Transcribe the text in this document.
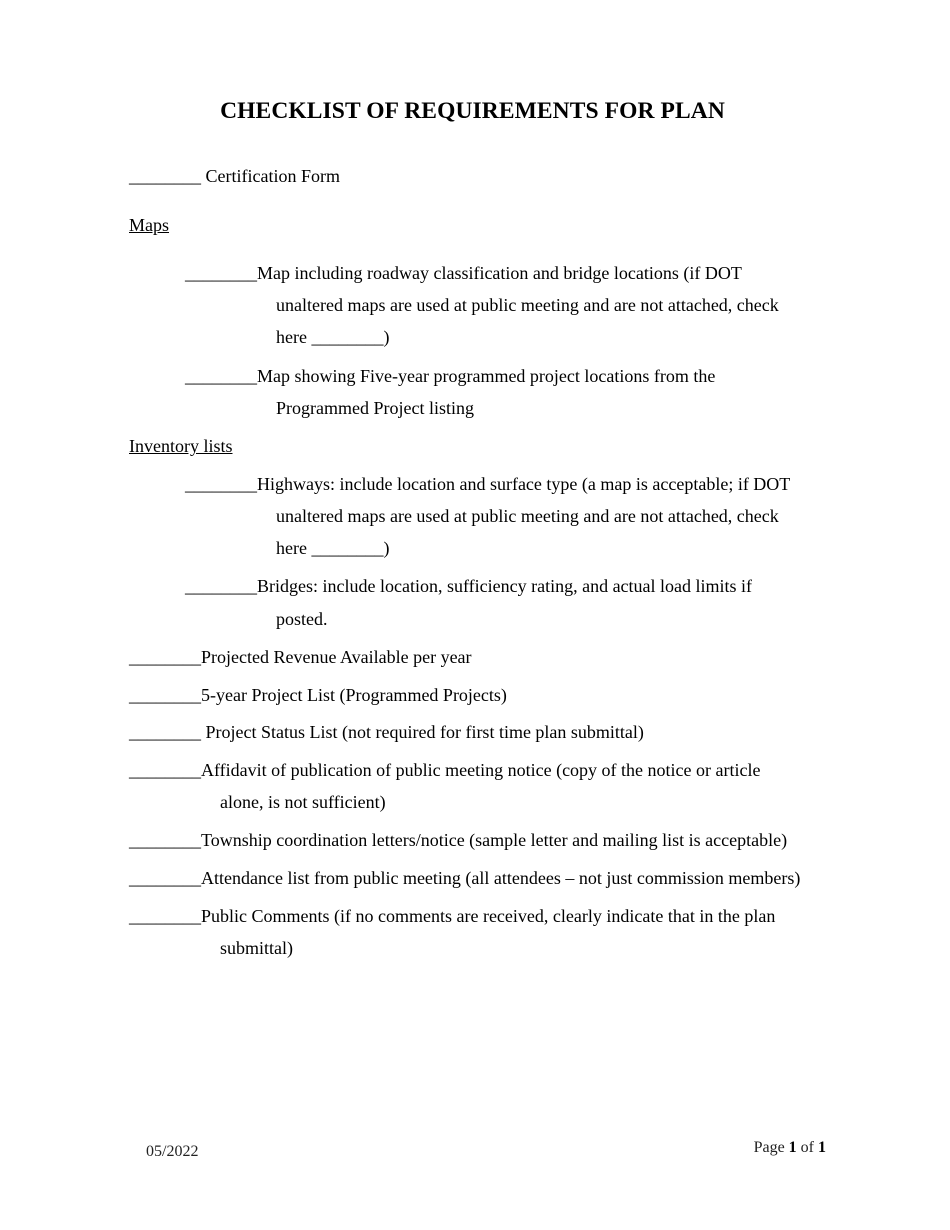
CHECKLIST OF REQUIREMENTS FOR PLAN
________ Certification Form
Maps
________Map including roadway classification and bridge locations (if DOT
unaltered maps are used at public meeting and are not attached, check
here ________)
________Map showing Five-year programmed project locations from the
Programmed Project listing
Inventory lists
________Highways: include location and surface type (a map is acceptable; if DOT
unaltered maps are used at public meeting and are not attached, check
here ________)
________Bridges: include location, sufficiency rating, and actual load limits if
posted.
________Projected Revenue Available per year
________5-year Project List (Programmed Projects)
________ Project Status List (not required for first time plan submittal)
________Affidavit of publication of public meeting notice (copy of the notice or article
alone, is not sufficient)
________Township coordination letters/notice (sample letter and mailing list is acceptable)
________Attendance list from public meeting (all attendees – not just commission members)
________Public Comments (if no comments are received, clearly indicate that in the plan
submittal)
05/2022	Page 1 of 1
